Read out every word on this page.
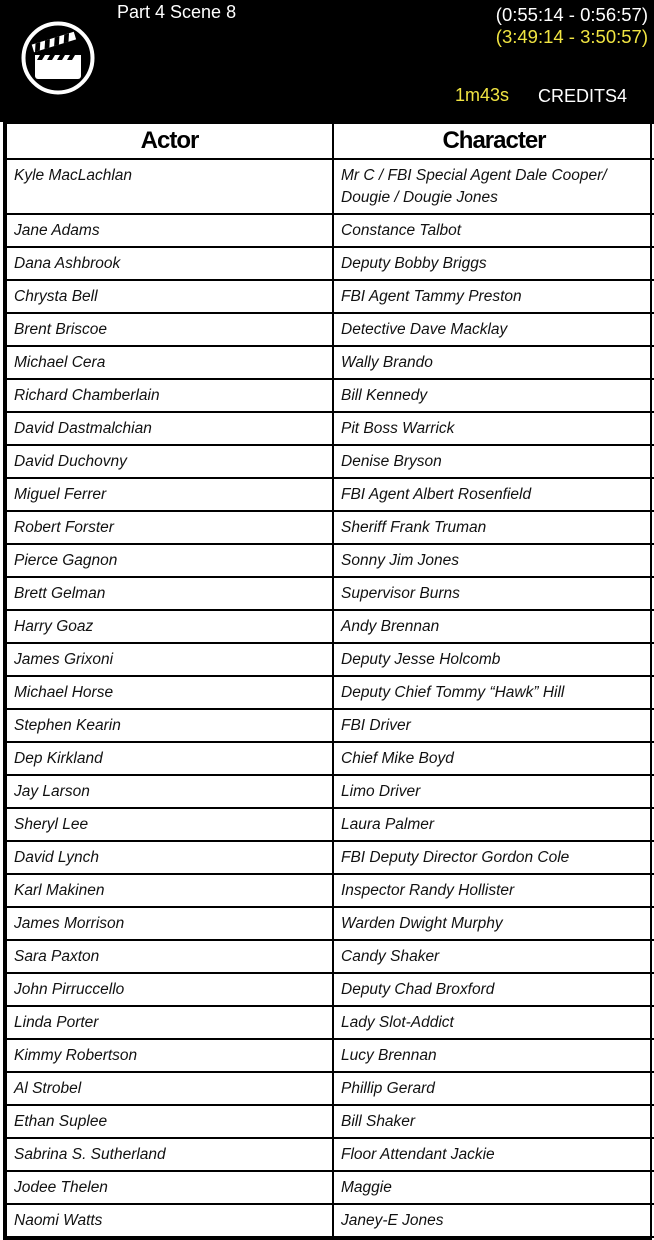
Part 4 Scene 8	(0:55:14 - 0:56:57)
(3:49:14 - 3:50:57)
1m43s CREDITS4
Actor	Character
Kyle MacLachlan	Mr C / FBI Special Agent Dale Cooper/ Dougie / Dougie Jones
Jane Adams	Constance Talbot
Dana Ashbrook	Deputy Bobby Briggs
Chrysta Bell	FBI Agent Tammy Preston
Brent Briscoe	Detective Dave Macklay
Michael Cera	Wally Brando
Richard Chamberlain	Bill Kennedy
David Dastmalchian	Pit Boss Warrick
David Duchovny	Denise Bryson
Miguel Ferrer	FBI Agent Albert Rosenfield
Robert Forster	Sheriff Frank Truman
Pierce Gagnon	Sonny Jim Jones
Brett Gelman	Supervisor Burns
Harry Goaz	Andy Brennan
James Grixoni	Deputy Jesse Holcomb
Michael Horse	Deputy Chief Tommy “Hawk” Hill
Stephen Kearin	FBI Driver
Dep Kirkland	Chief Mike Boyd
Jay Larson	Limo Driver
Sheryl Lee	Laura Palmer
David Lynch	FBI Deputy Director Gordon Cole
Karl Makinen	Inspector Randy Hollister
James Morrison	Warden Dwight Murphy
Sara Paxton	Candy Shaker
John Pirruccello	Deputy Chad Broxford
Linda Porter	Lady Slot-Addict
Kimmy Robertson	Lucy Brennan
Al Strobel	Phillip Gerard
Ethan Suplee	Bill Shaker
Sabrina S. Sutherland	Floor Attendant Jackie
Jodee Thelen	Maggie
Naomi Watts	Janey-E Jones
